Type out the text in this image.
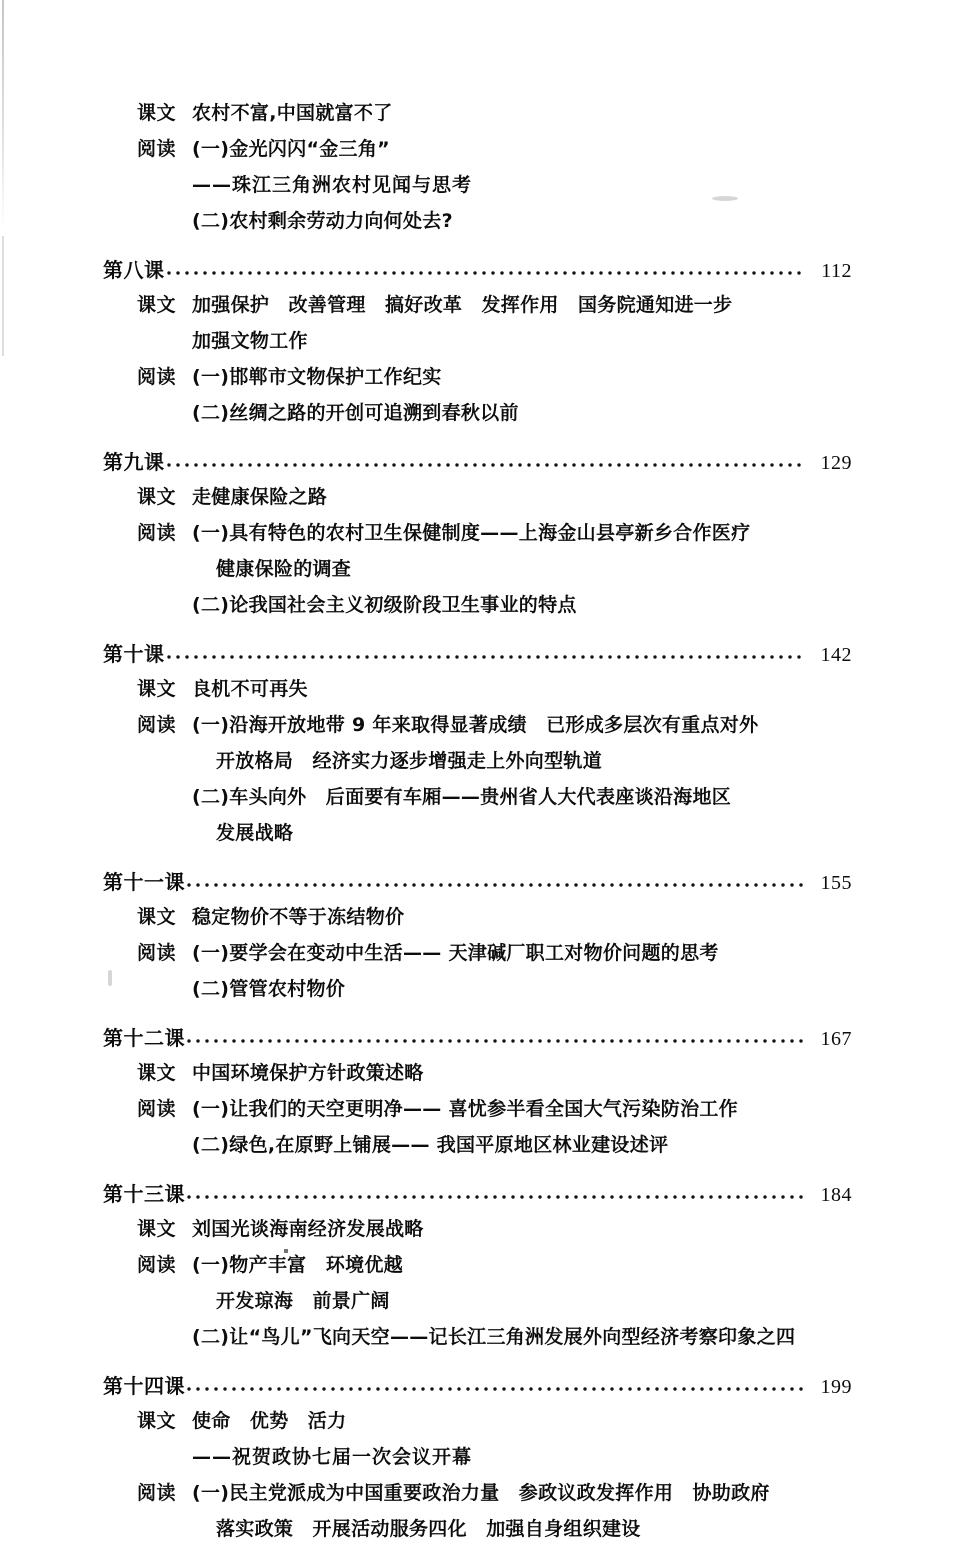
课文 农村不富,中国就富不了
阅读 (一)金光闪闪“金三角”
——珠江三角洲农村见闻与思考
(二)农村剩余劳动力向何处去?
第八课	112
课文 加强保护　改善管理　搞好改革　发挥作用　国务院通知进一步
加强文物工作
阅读 (一)邯郸市文物保护工作纪实
(二)丝绸之路的开创可追溯到春秋以前
第九课	129
课文 走健康保险之路
阅读 (一)具有特色的农村卫生保健制度——上海金山县亭新乡合作医疗
健康保险的调查
(二)论我国社会主义初级阶段卫生事业的特点
第十课	142
课文 良机不可再失
阅读 (一)沿海开放地带 9 年来取得显著成绩　已形成多层次有重点对外
开放格局　经济实力逐步增强走上外向型轨道
(二)车头向外　后面要有车厢——贵州省人大代表座谈沿海地区
发展战略
第十一课	155
课文 稳定物价不等于冻结物价
阅读 (一)要学会在变动中生活—— 天津碱厂职工对物价问题的思考
(二)管管农村物价
第十二课	167
课文 中国环境保护方针政策述略
阅读 (一)让我们的天空更明净—— 喜忧参半看全国大气污染防治工作
(二)绿色,在原野上铺展—— 我国平原地区林业建设述评
第十三课	184
课文 刘国光谈海南经济发展战略
阅读 (一)物产丰富　环境优越
开发琼海　前景广阔
(二)让“鸟儿”飞向天空——记长江三角洲发展外向型经济考察印象之四
第十四课	199
课文 使命　优势　活力
——祝贺政协七届一次会议开幕
阅读 (一)民主党派成为中国重要政治力量　参政议政发挥作用　协助政府
落实政策　开展活动服务四化　加强自身组织建设
